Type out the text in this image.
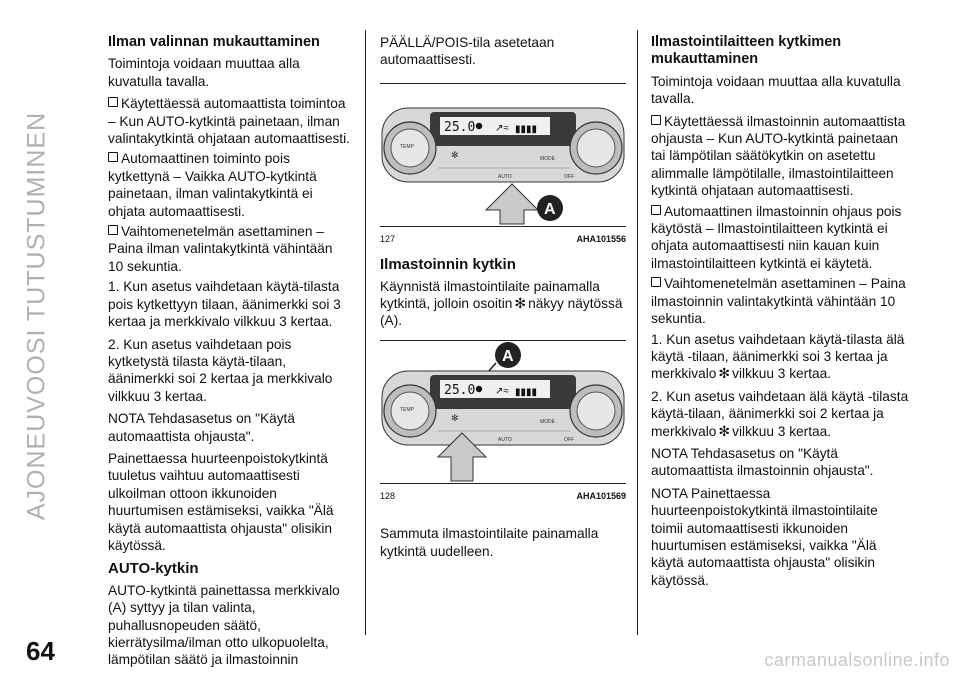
AJONEUVOOSI TUTUSTUMINEN
Ilman valinnan mukauttaminen

Toimintoja voidaan muuttaa alla kuvatulla tavalla.

Käytettäessä automaattista toimintoa – Kun AUTO-kytkintä painetaan, ilman valintakytkintä ohjataan automaattisesti.

Automaattinen toiminto pois kytkettynä – Vaikka AUTO-kytkintä painetaan, ilman valintakytkintä ei ohjata automaattisesti.

Vaihtomenetelmän asettaminen – Paina ilman valintakytkintä vähintään 10 sekuntia.

1. Kun asetus vaihdetaan käytä-tilasta pois kytkettyyn tilaan, äänimerkki soi 3 kertaa ja merkkivalo vilkkuu 3 kertaa.

2. Kun asetus vaihdetaan pois kytketystä tilasta käytä-tilaan, äänimerkki soi 2 kertaa ja merkkivalo vilkkuu 3 kertaa.

NOTA Tehdasasetus on "Käytä automaattista ohjausta".

Painettaessa huurteenpoistokytkintä tuuletus vaihtuu automaattisesti ulkoilman ottoon ikkunoiden huurtumisen estämiseksi, vaikka "Älä käytä automaattista ohjausta" olisikin käytössä.

AUTO-kytkin

AUTO-kytkintä painettassa merkkivalo (A) syttyy ja tilan valinta, puhallusnopeuden säätö, kierrätysilma/ilman otto ulkopuolelta, lämpötilan säätö ja ilmastoinnin

PÄÄLLÄ/POIS-tila asetetaan automaattisesti.

25.0 ↗≈ ▮▮▮▮
TEMP
✻	MODE
AUTO	OFF
A
127	AHA101556
Ilmastoinnin kytkin

Käynnistä ilmastointilaite painamalla kytkintä, jolloin osoitin ✻ näkyy näytössä (A).

A
25.0 ↗≈ ▮▮▮▮
TEMP
✻	MODE
AUTO	OFF
128	AHA101569

Sammuta ilmastointilaite painamalla kytkintä uudelleen.

Ilmastointilaitteen kytkimen mukauttaminen

Toimintoja voidaan muuttaa alla kuvatulla tavalla.

Käytettäessä ilmastoinnin automaattista ohjausta – Kun AUTO-kytkintä painetaan tai lämpötilan säätökytkin on asetettu alimmalle lämpötilalle, ilmastointilaitteen kytkintä ohjataan automaattisesti.

Automaattinen ilmastoinnin ohjaus pois käytöstä – Ilmastointilaitteen kytkintä ei ohjata automaattisesti niin kauan kuin ilmastointilaitteen kytkintä ei käytetä.

Vaihtomenetelmän asettaminen – Paina ilmastoinnin valintakytkintä vähintään 10 sekuntia.

1. Kun asetus vaihdetaan käytä-tilasta älä käytä -tilaan, äänimerkki soi 3 kertaa ja merkkivalo ✻ vilkkuu 3 kertaa.

2. Kun asetus vaihdetaan älä käytä -tilasta käytä-tilaan, äänimerkki soi 2 kertaa ja merkkivalo ✻ vilkkuu 3 kertaa.

NOTA Tehdasasetus on "Käytä automaattista ilmastoinnin ohjausta".

NOTA Painettaessa huurteenpoistokytkintä ilmastointilaite toimii automaattisesti ikkunoiden huurtumisen estämiseksi, vaikka "Älä käytä automaattista ohjausta" olisikin käytössä.

64	carmanualsonline.info
